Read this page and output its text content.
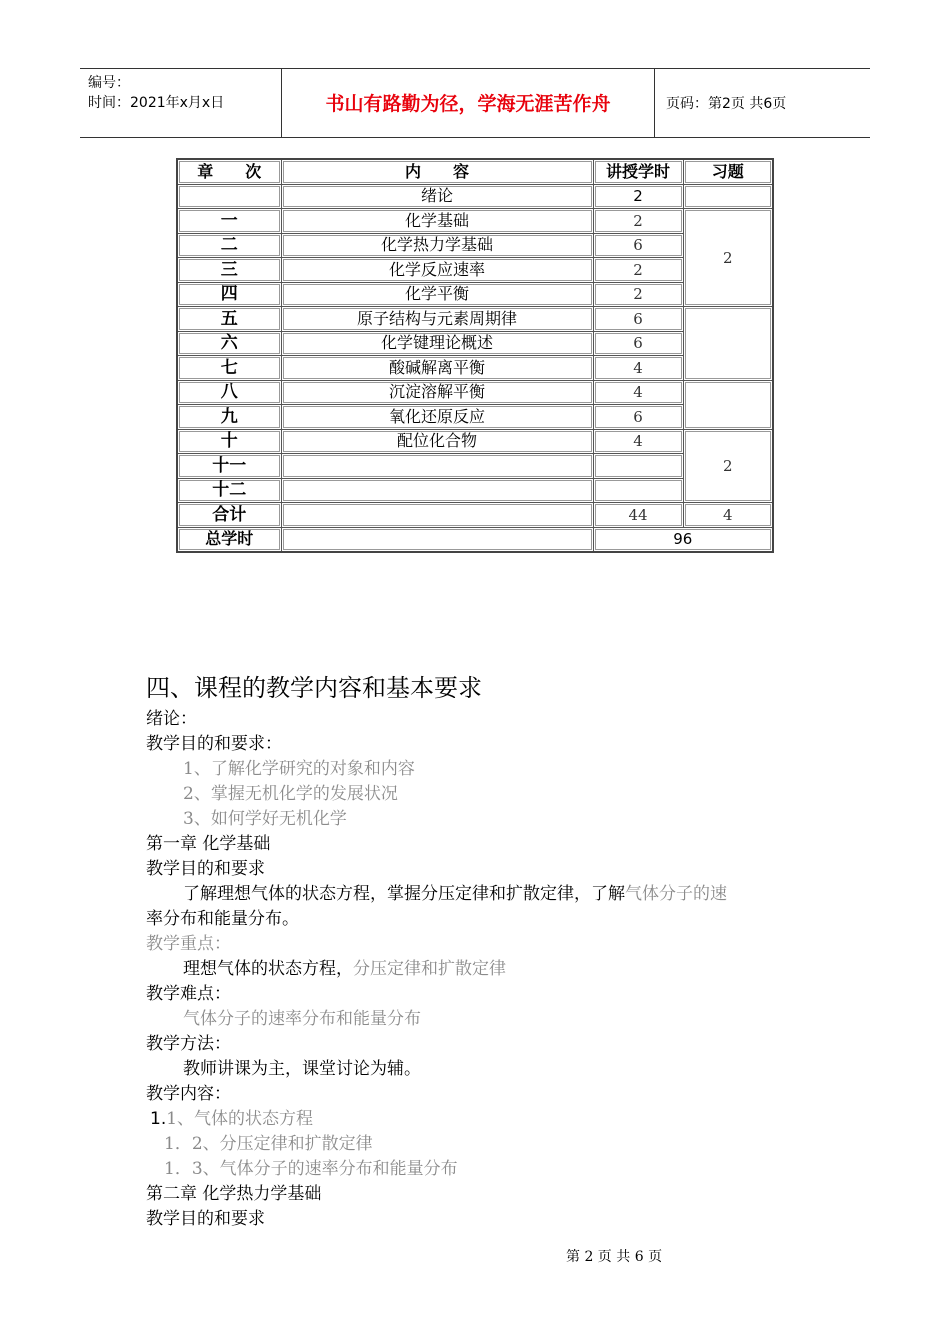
编号：
时间：2021年x月x日	书山有路勤为径，学海无涯苦作舟	页码：第2页 共6页
章　　次	内　　容	讲授学时	习题
	绪论	2	
一	化学基础	2	2
二	化学热力学基础	6	
三	化学反应速率	2	
四	化学平衡	2	
五	原子结构与元素周期律	6	
六	化学键理论概述	6	
七	酸碱解离平衡	4	
八	沉淀溶解平衡	4	
九	氧化还原反应	6	
十	配位化合物	4	2
十一			
十二			
合计		44	4
总学时		96	
四、课程的教学内容和基本要求
绪论：
教学目的和要求：
1、了解化学研究的对象和内容
2、掌握无机化学的发展状况
3、如何学好无机化学
第一章 化学基础
教学目的和要求
了解理想气体的状态方程，掌握分压定律和扩散定律，了解气体分子的速
率分布和能量分布。
教学重点：
理想气体的状态方程，分压定律和扩散定律
教学难点：
气体分子的速率分布和能量分布
教学方法：
教师讲课为主，课堂讨论为辅。
教学内容：
1.1、气体的状态方程
1．2、分压定律和扩散定律
1．3、气体分子的速率分布和能量分布
第二章 化学热力学基础
教学目的和要求
第 2 页 共 6 页
